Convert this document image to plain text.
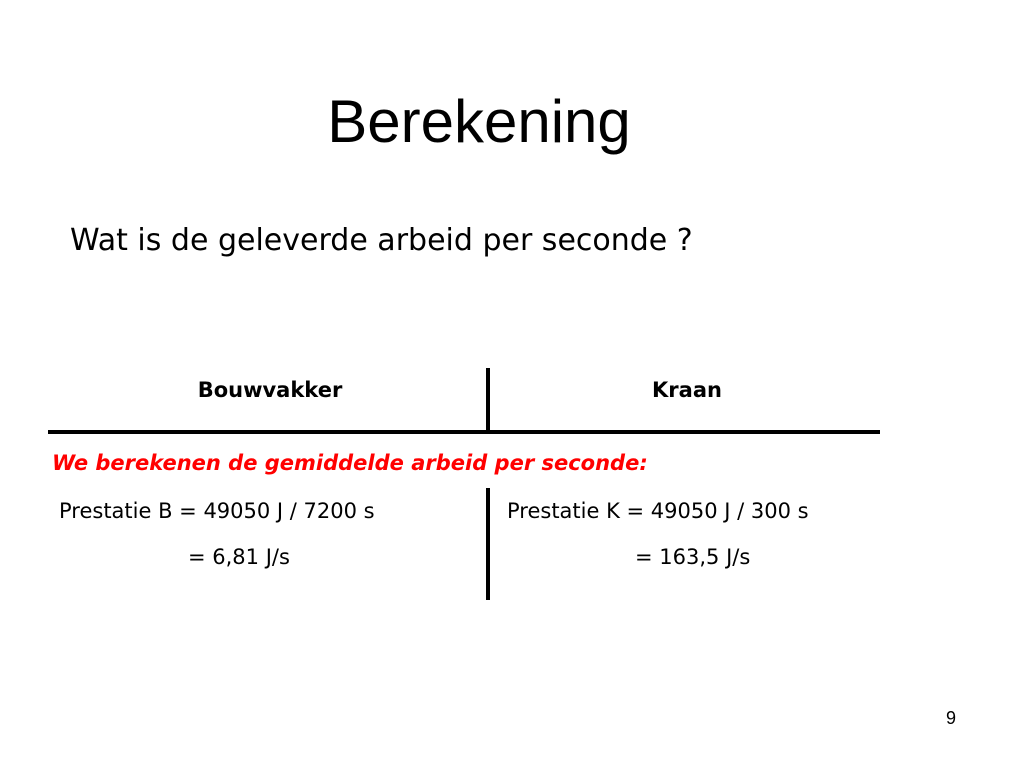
Berekening
Wat is de geleverde arbeid per seconde ?
Bouwvakker	Kraan
We berekenen de gemiddelde arbeid per seconde:
Prestatie B = 49050 J / 7200 s
= 6,81 J/s
Prestatie K = 49050 J / 300 s
= 163,5 J/s
9
